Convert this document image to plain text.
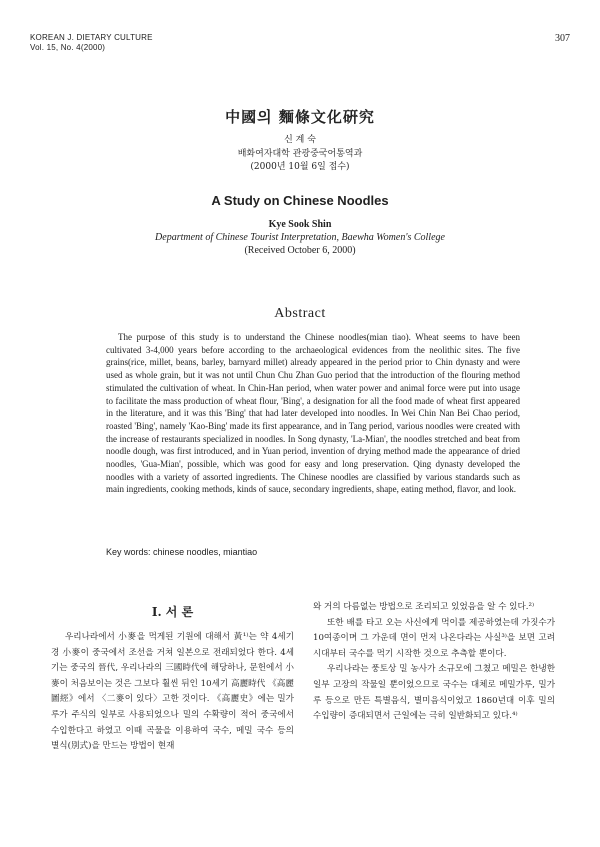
KOREAN J. DIETARY CULTURE
Vol. 15, No. 4(2000)
307
中國의 麵條文化硏究
신 계 숙
배화여자대학 관광중국어통역과
(2000년 10월 6일 접수)
A Study on Chinese Noodles
Kye Sook Shin
Department of Chinese Tourist Interpretation, Baewha Women's College
(Received October 6, 2000)
Abstract
The purpose of this study is to understand the Chinese noodles(mian tiao). Wheat seems to have been cultivated 3-4,000 years before according to the archaeological evidences from the neolithic sites. The five grains(rice, millet, beans, barley, barnyard millet) already appeared in the period prior to Chin dynasty and were used as whole grain, but it was not until Chun Chu Zhan Guo period that the introduction of the flouring method stimulated the cultivation of wheat. In Chin-Han period, when water power and animal force were put into usage to facilitate the mass production of wheat flour, 'Bing', a designation for all the food made of wheat first appeared in the literature, and it was this 'Bing' that had later developed into noodles. In Wei Chin Nan Bei Chao period, roasted 'Bing', namely 'Kao-Bing' made its first appearance, and in Tang period, various noodles were created with the increase of restaurants specialized in noodles. In Song dynasty, 'La-Mian', the noodles stretched and beat from noodle dough, was first introduced, and in Yuan period, invention of drying method made the appearance of dried noodles, 'Gua-Mian', possible, which was good for easy and long preservation. Qing dynasty developed the noodles with a variety of assorted ingredients. The Chinese noodles are classified by various standards such as main ingredients, cooking methods, kinds of sauce, secondary ingredients, shape, eating method, flavor, and look.
Key words: chinese noodles, miantiao
I. 서 론

우리나라에서 小麥을 먹게된 기원에 대해서 黃¹⁾는 약 4세기경 小麥이 중국에서 조선을 거쳐 일본으로 전래되었다 한다. 4세기는 중국의 晉代, 우리나라의 三國時代에 해당하나, 문헌에서 小麥이 처음보이는 것은 그보다 훨씬 뒤인 10세기 高麗時代 《高麗圖經》에서 〈二麥이 있다〉고한 것이다. 《高麗史》에는 밀가루가 주식의 일부로 사용되었으나 밀의 수확량이 적어 중국에서 수입한다고 하였고 이때 곡물을 이용하여 국수, 메밀 국수 등의 별식(別式)을 만드는 방법이 현재

와 거의 다름없는 방법으로 조리되고 있었음을 알 수 있다.²⁾

또한 배를 타고 오는 사신에게 먹이를 제공하였는데 가짓수가 10여종이며 그 가운데 면이 먼저 나온다라는 사실³⁾을 보면 고려시대부터 국수를 먹기 시작한 것으로 추측할 뿐이다.

우리나라는 풍토상 밀 농사가 소규모에 그쳤고 메밀은 한냉한 일부 고장의 작물일 뿐이었으므로 국수는 대체로 메밀가루, 밀가루 등으로 만든 특별음식, 별미음식이었고 1860년대 이후 밀의 수입량이 증대되면서 근일에는 극히 일반화되고 있다.⁴⁾
